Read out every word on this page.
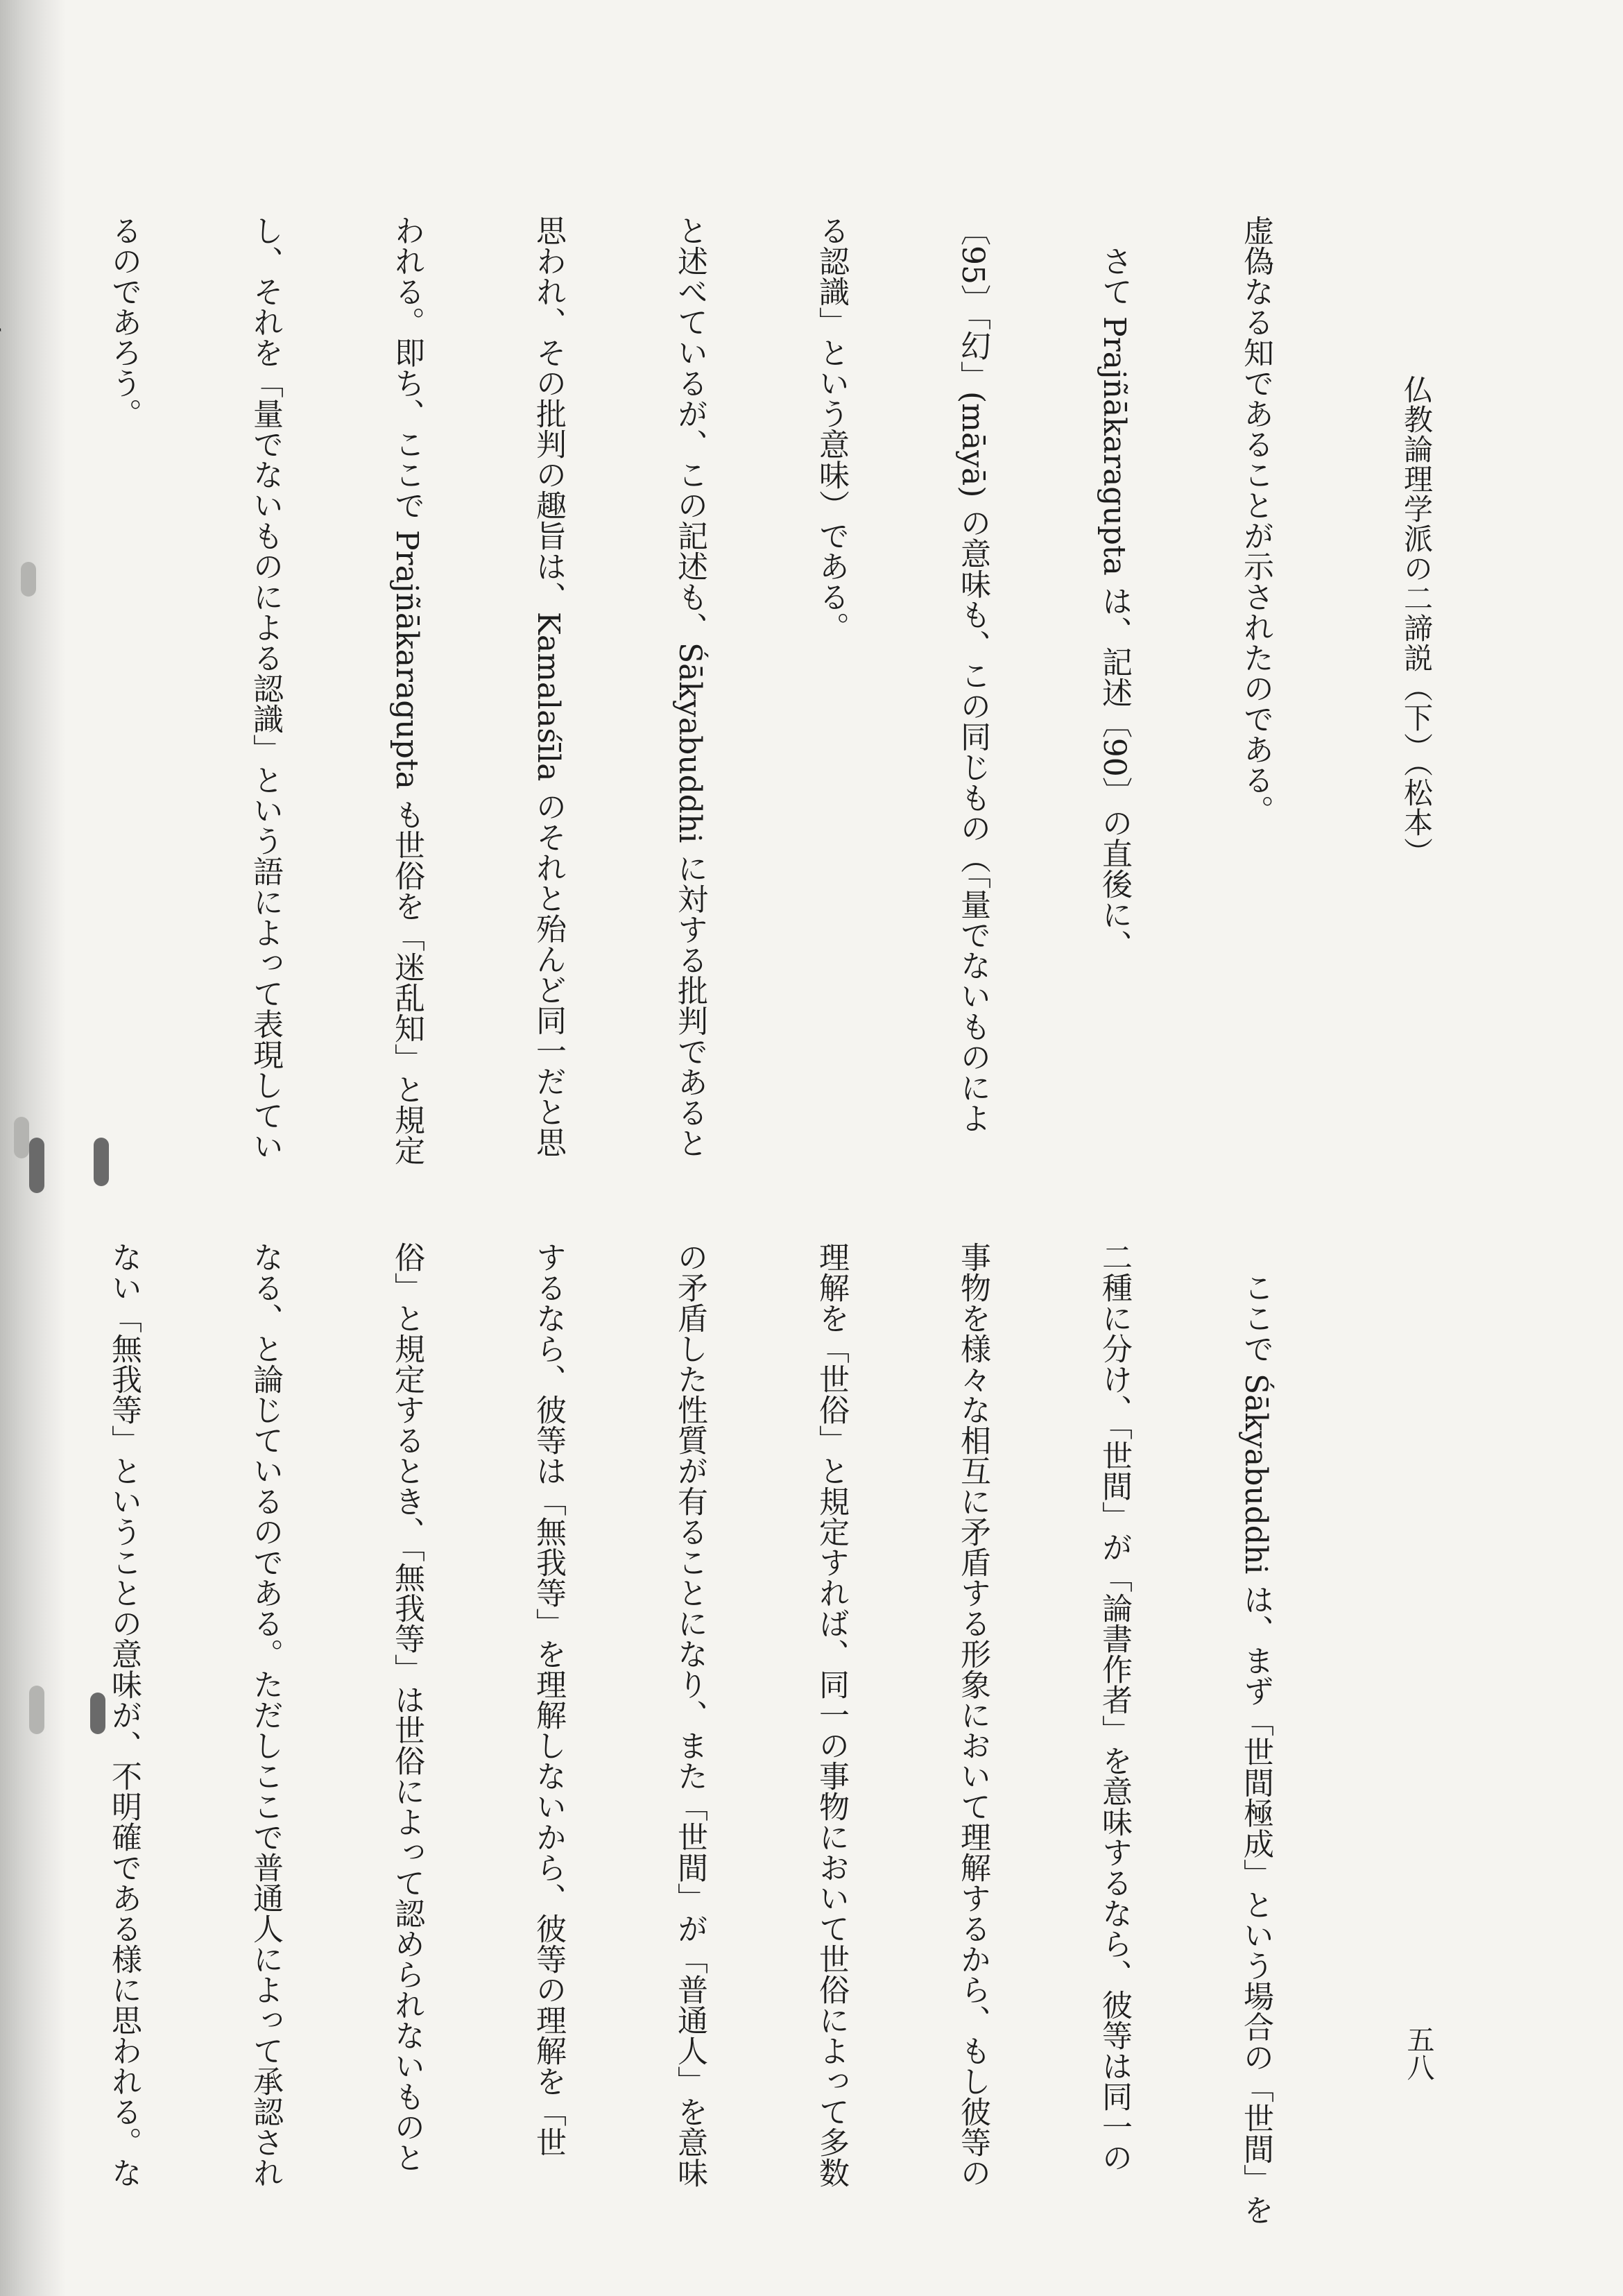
仏教論理学派の二諦説（下）（松本）
五八

虚偽なる知であることが示されたのである。

　さて Prajñākaragupta は、記述〔90〕の直後に、

〔95〕「幻」(māyā) の意味も、この同じもの（「量でないものによ

る認識」という意味）である。

と述べているが、この記述も、Śākyabuddhi に対する批判であると

思われ、その批判の趣旨は、Kamalaśīla のそれと殆んど同一だと思

われる。即ち、ここで Prajñākaragupta も世俗を「迷乱知」と規定

し、それを「量でないものによる認識」という語によって表現してい

るのであろう。

　ここで Śākyabuddhi は、まず「世間極成」という場合の「世間」を

二種に分け、「世間」が「論書作者」を意味するなら、彼等は同一の

事物を様々な相互に矛盾する形象において理解するから、もし彼等の

理解を「世俗」と規定すれば、同一の事物において世俗によって多数

の矛盾した性質が有ることになり、また「世間」が「普通人」を意味

するなら、彼等は「無我等」を理解しないから、彼等の理解を「世

俗」と規定するとき、「無我等」は世俗によって認められないものと

なる、と論じているのである。ただしここで普通人によって承認され

ない「無我等」ということの意味が、不明確である様に思われる。な
